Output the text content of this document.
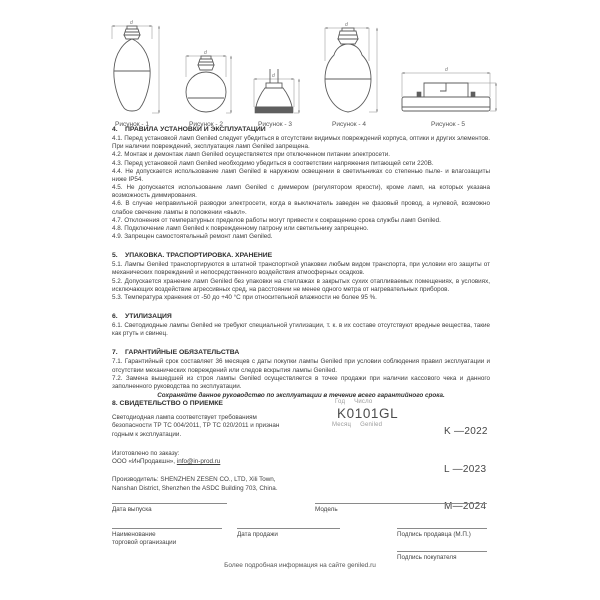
d
Рисунок - 1
d
Рисунок - 2
d
Рисунок - 3
d
Рисунок - 4
d
Рисунок - 5

4. ПРАВИЛА УСТАНОВКИ И ЭКСПЛУАТАЦИИ

4.1. Перед установкой ламп Geniled следует убедиться в отсутствии видимых повреждений корпуса, оптики и других элементов. При наличии повреждений, эксплуатация ламп Geniled запрещена.

4.2. Монтаж и демонтаж ламп Geniled осуществляется при отключенном питании электросети.

4.3. Перед установкой ламп Geniled необходимо убедиться в соответствии напряжения питающей сети 220В.

4.4. Не допускается использование ламп Geniled в наружном освещении в светильниках со степенью пыле- и влагозащиты ниже IP54.

4.5. Не допускается использование ламп Geniled с диммером (регулятором яркости), кроме ламп, на которых указана возможность диммирования.

4.6. В случае неправильной разводки электросети, когда в выключатель заведен не фазовый провод, а нулевой, возможно слабое свечение лампы в положении «выкл».

4.7. Отклонения от температурных пределов работы могут привести к сокращению срока службы ламп Geniled.

4.8. Подключение ламп Geniled к поврежденному патрону или светильнику запрещено.

4.9. Запрещен самостоятельный ремонт ламп Geniled.

5. УПАКОВКА. ТРАСПОРТИРОВКА. ХРАНЕНИЕ

5.1. Лампы Geniled транспортируются в штатной транспортной упаковки любым видом транспорта, при условии его защиты от механических повреждений и непосредственного воздействия атмосферных осадков.

5.2. Допускается хранение ламп Geniled без упаковки на стеллажах в закрытых сухих отапливаемых помещениях, в условиях, исключающих воздействие агрессивных сред, на расстоянии не менее одного метра от нагревательных приборов.

5.3. Температура хранения от -50 до +40 °С при относительной влажности не более 95 %.

6. УТИЛИЗАЦИЯ

6.1. Светодиодные лампы Geniled не требуют специальной утилизации, т. к. в их составе отсутствуют вредные вещества, такие как ртуть и свинец.

7. ГАРАНТИЙНЫЕ ОБЯЗАТЕЛЬСТВА

7.1. Гарантийный срок составляет 36 месяцев с даты покупки лампы Geniled при условии соблюдения правил эксплуатации и отсутствии механических повреждений или следов вскрытия лампы Geniled.

7.2. Замена вышедшей из строя лампы Geniled осуществляется в точке продажи при наличии кассового чека и данного заполненного руководства по эксплуатации.

Сохраняйте данное руководство по эксплуатации в течение всего гарантийного срока.

8. СВИДЕТЕЛЬСТВО О ПРИЕМКЕ

Светодиодная лампа соответствует требованиям безопасности ТР ТС 004/2011, ТР ТС 020/2011 и признан годным к эксплуатации.

Изготовлено по заказу:

ООО «ИнПродакшн», info@in-prod.ru

Производитель: SHENZHEN ZESEN CO., LTD, Xili Town, Nanshan District, Shenzhen the ASDC Building 703, China.

Год Число
K0101GL
Месяц Geniled

K —2022

L —2023

M—2024

Дата выпуска	Модель
Наименование
торговой организации
Дата продажи	Подпись продавца (М.П.)
Подпись покупателя
Более подробная информация на сайте geniled.ru
